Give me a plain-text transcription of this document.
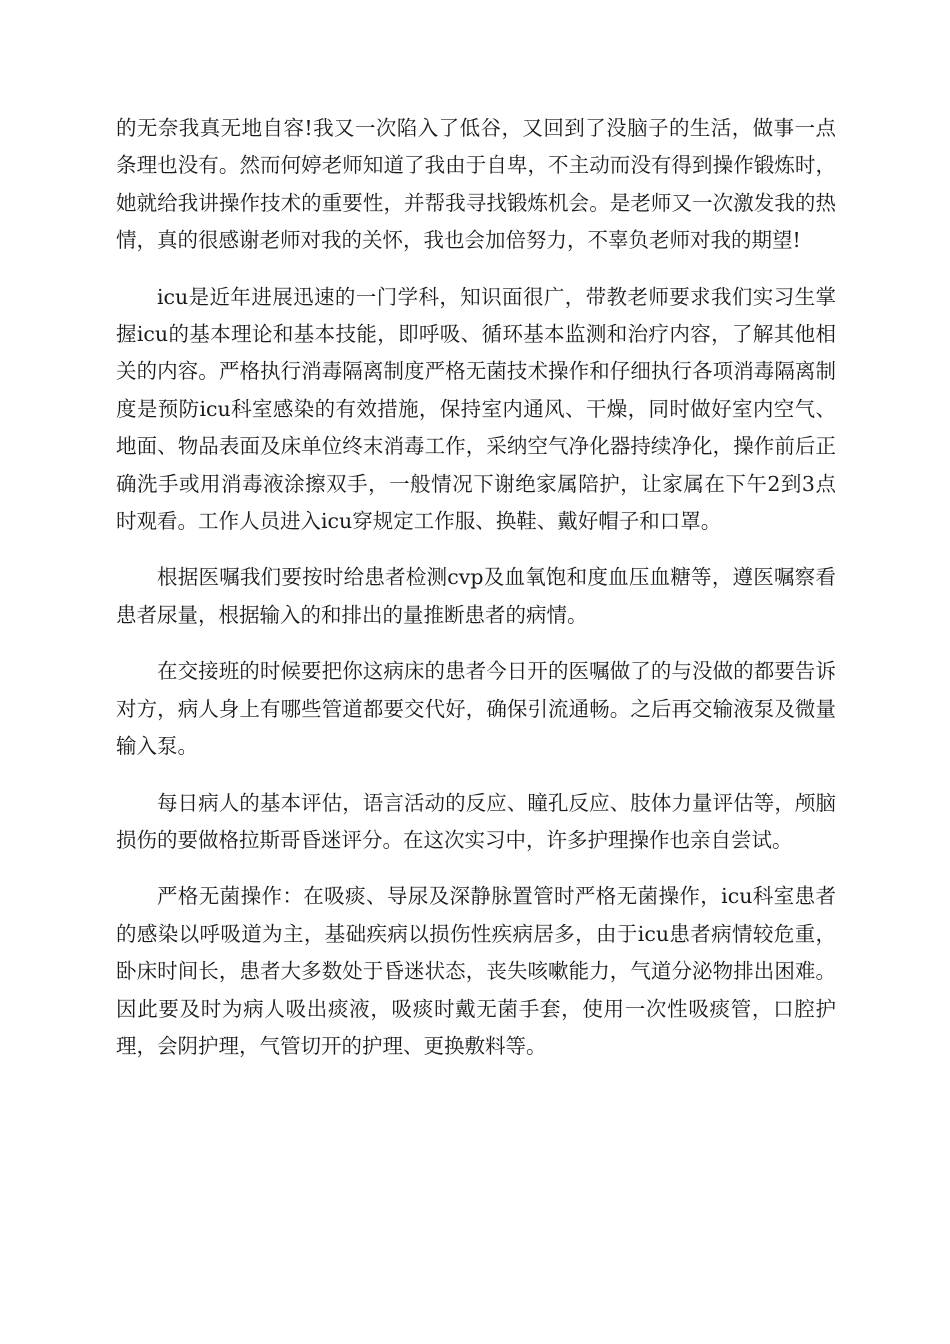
的无奈我真无地自容!我又一次陷入了低谷，又回到了没脑子的生活，做事一点条理也没有。然而何婷老师知道了我由于自卑，不主动而没有得到操作锻炼时，她就给我讲操作技术的重要性，并帮我寻找锻炼机会。是老师又一次激发我的热情，真的很感谢老师对我的关怀，我也会加倍努力，不辜负老师对我的期望!

icu是近年进展迅速的一门学科，知识面很广，带教老师要求我们实习生掌握icu的基本理论和基本技能，即呼吸、循环基本监测和治疗内容，了解其他相关的内容。严格执行消毒隔离制度严格无菌技术操作和仔细执行各项消毒隔离制度是预防icu科室感染的有效措施，保持室内通风、干燥，同时做好室内空气、地面、物品表面及床单位终末消毒工作，采纳空气净化器持续净化，操作前后正确洗手或用消毒液涂擦双手，一般情况下谢绝家属陪护，让家属在下午2到3点时观看。工作人员进入icu穿规定工作服、换鞋、戴好帽子和口罩。

根据医嘱我们要按时给患者检测cvp及血氧饱和度血压血糖等，遵医嘱察看患者尿量，根据输入的和排出的量推断患者的病情。

在交接班的时候要把你这病床的患者今日开的医嘱做了的与没做的都要告诉对方，病人身上有哪些管道都要交代好，确保引流通畅。之后再交输液泵及微量输入泵。

每日病人的基本评估，语言活动的反应、瞳孔反应、肢体力量评估等，颅脑损伤的要做格拉斯哥昏迷评分。在这次实习中，许多护理操作也亲自尝试。

严格无菌操作：在吸痰、导尿及深静脉置管时严格无菌操作，icu科室患者的感染以呼吸道为主，基础疾病以损伤性疾病居多，由于icu患者病情较危重，卧床时间长，患者大多数处于昏迷状态，丧失咳嗽能力，气道分泌物排出困难。因此要及时为病人吸出痰液，吸痰时戴无菌手套，使用一次性吸痰管，口腔护理，会阴护理，气管切开的护理、更换敷料等。
